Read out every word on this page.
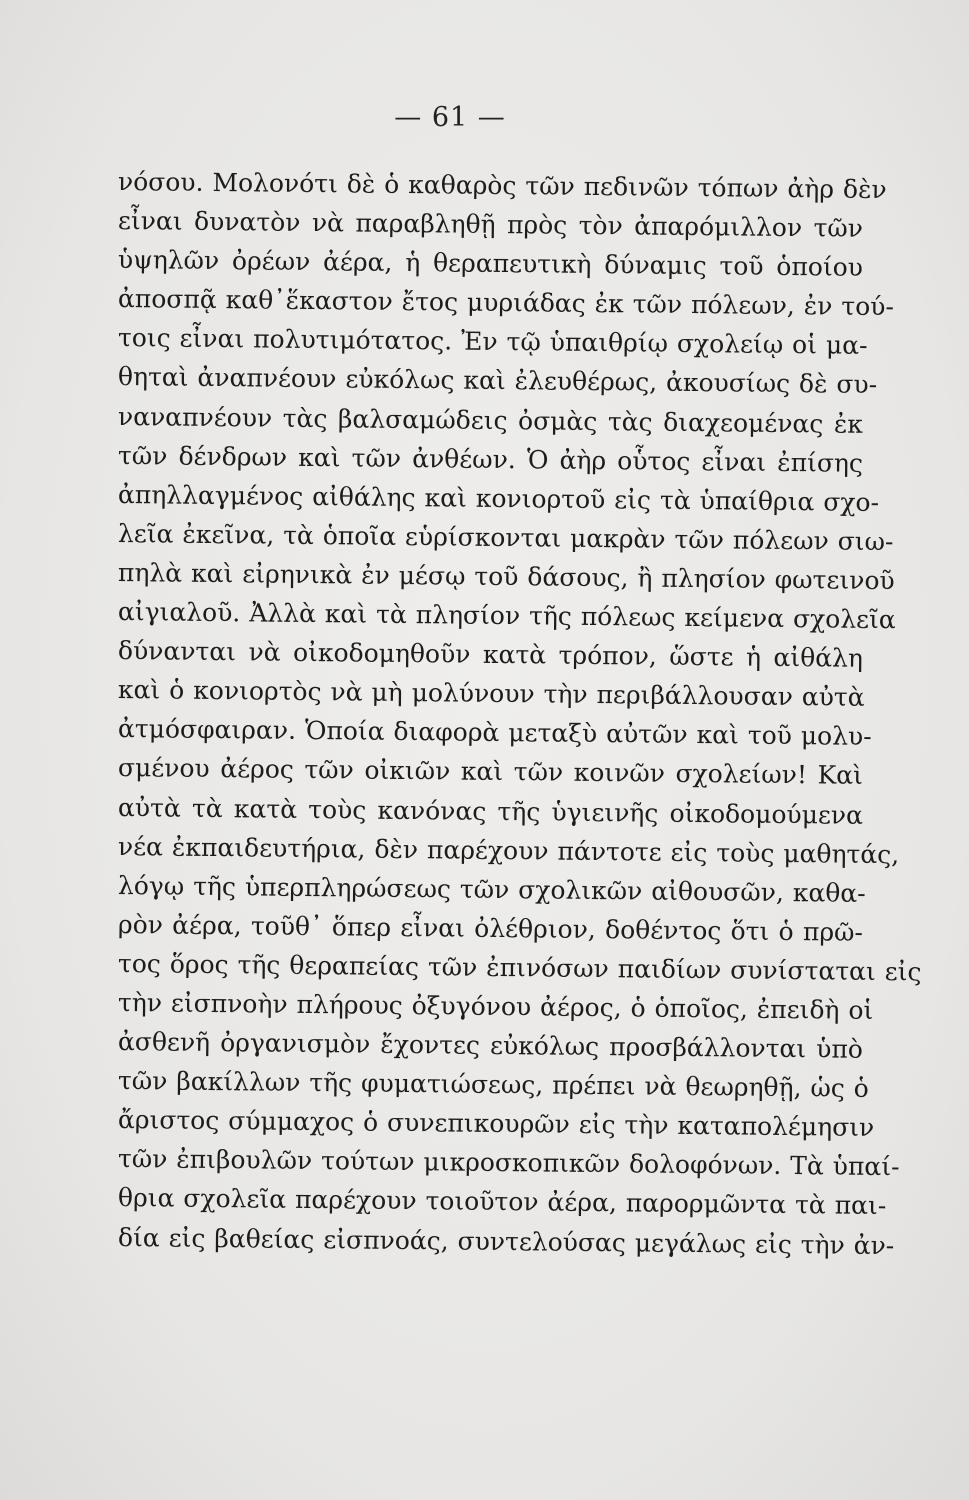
— 61 —
νόσου. Μολονότι δὲ ὁ καθαρὸς τῶν πεδινῶν τόπων ἀὴρ δὲν
εἶναι δυνατὸν νὰ παραβληθῇ πρὸς τὸν ἀπαρόμιλλον τῶν
ὑψηλῶν ὀρέων ἀέρα, ἡ θεραπευτικὴ δύναμις τοῦ ὁποίου
ἀποσπᾷ καθ᾽ἕκαστον ἔτος μυριάδας ἐκ τῶν πόλεων, ἐν τού-
τοις εἶναι πολυτιμότατος. Ἐν τῷ ὑπαιθρίῳ σχολείῳ οἱ μα-
θηταὶ ἀναπνέουν εὐκόλως καὶ ἐλευθέρως, ἀκουσίως δὲ συ-
ναναπνέουν τὰς βαλσαμώδεις ὀσμὰς τὰς διαχεομένας ἐκ
τῶν δένδρων καὶ τῶν ἀνθέων. Ὁ ἀὴρ οὗτος εἶναι ἐπίσης
ἀπηλλαγμένος αἰθάλης καὶ κονιορτοῦ εἰς τὰ ὑπαίθρια σχο-
λεῖα ἐκεῖνα, τὰ ὁποῖα εὑρίσκονται μακρὰν τῶν πόλεων σιω-
πηλὰ καὶ εἰρηνικὰ ἐν μέσῳ τοῦ δάσους, ἢ πλησίον φωτεινοῦ
αἰγιαλοῦ. Ἀλλὰ καὶ τὰ πλησίον τῆς πόλεως κείμενα σχολεῖα
δύνανται νὰ οἰκοδομηθοῦν κατὰ τρόπον, ὥστε ἡ αἰθάλη
καὶ ὁ κονιορτὸς νὰ μὴ μολύνουν τὴν περιβάλλουσαν αὐτὰ
ἀτμόσφαιραν. Ὁποία διαφορὰ μεταξὺ αὐτῶν καὶ τοῦ μολυ-
σμένου ἀέρος τῶν οἰκιῶν καὶ τῶν κοινῶν σχολείων! Καὶ
αὐτὰ τὰ κατὰ τοὺς κανόνας τῆς ὑγιεινῆς οἰκοδομούμενα
νέα ἐκπαιδευτήρια, δὲν παρέχουν πάντοτε εἰς τοὺς μαθητάς,
λόγῳ τῆς ὑπερπληρώσεως τῶν σχολικῶν αἰθουσῶν, καθα-
ρὸν ἀέρα, τοῦθ᾽ ὅπερ εἶναι ὀλέθριον, δοθέντος ὅτι ὁ πρῶ-
τος ὅρος τῆς θεραπείας τῶν ἐπινόσων παιδίων συνίσταται εἰς
τὴν εἰσπνοὴν πλήρους ὀξυγόνου ἀέρος, ὁ ὁποῖος, ἐπειδὴ οἱ
ἀσθενῆ ὀργανισμὸν ἔχοντες εὐκόλως προσβάλλονται ὑπὸ
τῶν βακίλλων τῆς φυματιώσεως, πρέπει νὰ θεωρηθῇ, ὡς ὁ
ἄριστος σύμμαχος ὁ συνεπικουρῶν εἰς τὴν καταπολέμησιν
τῶν ἐπιβουλῶν τούτων μικροσκοπικῶν δολοφόνων. Τὰ ὑπαί-
θρια σχολεῖα παρέχουν τοιοῦτον ἀέρα, παρορμῶντα τὰ παι-
δία εἰς βαθείας εἰσπνοάς, συντελούσας μεγάλως εἰς τὴν ἀν-
